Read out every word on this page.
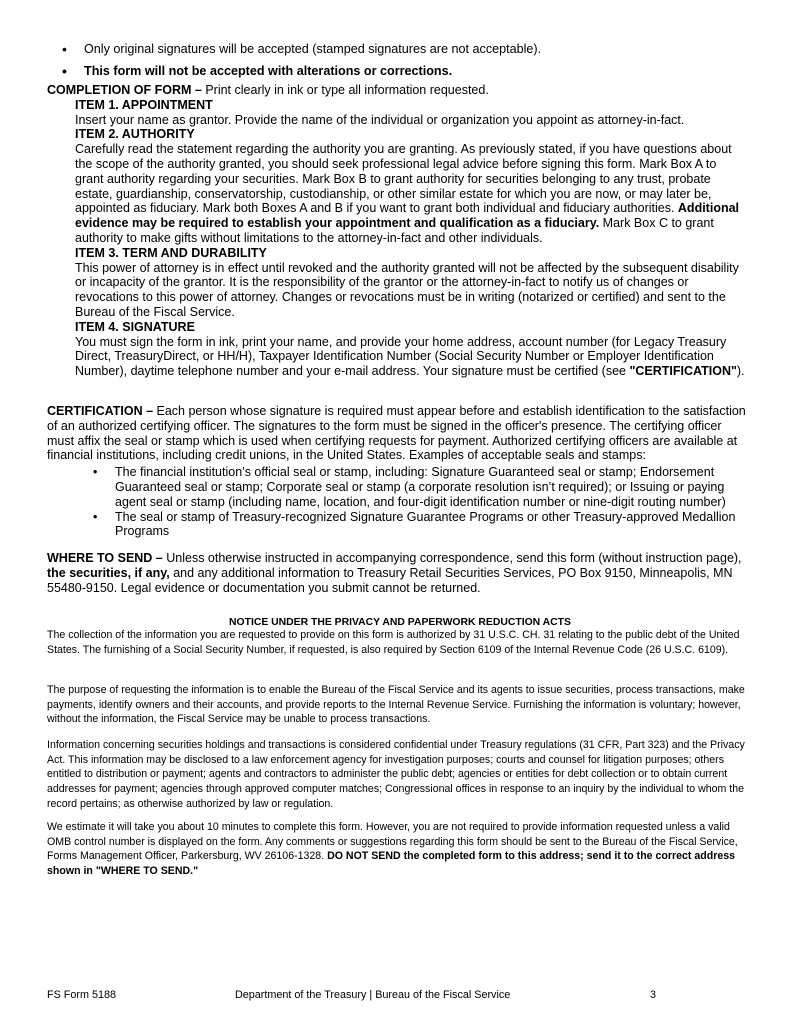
• Only original signatures will be accepted (stamped signatures are not acceptable).
• This form will not be accepted with alterations or corrections.
COMPLETION OF FORM – Print clearly in ink or type all information requested.
ITEM 1. APPOINTMENT
Insert your name as grantor. Provide the name of the individual or organization you appoint as attorney-in-fact.
ITEM 2. AUTHORITY
Carefully read the statement regarding the authority you are granting. As previously stated, if you have questions about the scope of the authority granted, you should seek professional legal advice before signing this form. Mark Box A to grant authority regarding your securities. Mark Box B to grant authority for securities belonging to any trust, probate estate, guardianship, conservatorship, custodianship, or other similar estate for which you are now, or may later be, appointed as fiduciary. Mark both Boxes A and B if you want to grant both individual and fiduciary authorities. Additional evidence may be required to establish your appointment and qualification as a fiduciary. Mark Box C to grant authority to make gifts without limitations to the attorney-in-fact and other individuals.
ITEM 3. TERM AND DURABILITY
This power of attorney is in effect until revoked and the authority granted will not be affected by the subsequent disability or incapacity of the grantor. It is the responsibility of the grantor or the attorney-in-fact to notify us of changes or revocations to this power of attorney. Changes or revocations must be in writing (notarized or certified) and sent to the Bureau of the Fiscal Service.
ITEM 4. SIGNATURE
You must sign the form in ink, print your name, and provide your home address, account number (for Legacy Treasury Direct, TreasuryDirect, or HH/H), Taxpayer Identification Number (Social Security Number or Employer Identification Number), daytime telephone number and your e-mail address. Your signature must be certified (see "CERTIFICATION").
CERTIFICATION – Each person whose signature is required must appear before and establish identification to the satisfaction of an authorized certifying officer. The signatures to the form must be signed in the officer's presence. The certifying officer must affix the seal or stamp which is used when certifying requests for payment. Authorized certifying officers are available at financial institutions, including credit unions, in the United States. Examples of acceptable seals and stamps:
• The financial institution’s official seal or stamp, including: Signature Guaranteed seal or stamp; Endorsement Guaranteed seal or stamp; Corporate seal or stamp (a corporate resolution isn’t required); or Issuing or paying agent seal or stamp (including name, location, and four-digit identification number or nine-digit routing number)
• The seal or stamp of Treasury-recognized Signature Guarantee Programs or other Treasury-approved Medallion Programs
WHERE TO SEND – Unless otherwise instructed in accompanying correspondence, send this form (without instruction page), the securities, if any, and any additional information to Treasury Retail Securities Services, PO Box 9150, Minneapolis, MN 55480-9150. Legal evidence or documentation you submit cannot be returned.
NOTICE UNDER THE PRIVACY AND PAPERWORK REDUCTION ACTS
The collection of the information you are requested to provide on this form is authorized by 31 U.S.C. CH. 31 relating to the public debt of the United States. The furnishing of a Social Security Number, if requested, is also required by Section 6109 of the Internal Revenue Code (26 U.S.C. 6109).
The purpose of requesting the information is to enable the Bureau of the Fiscal Service and its agents to issue securities, process transactions, make payments, identify owners and their accounts, and provide reports to the Internal Revenue Service. Furnishing the information is voluntary; however, without the information, the Fiscal Service may be unable to process transactions.
Information concerning securities holdings and transactions is considered confidential under Treasury regulations (31 CFR, Part 323) and the Privacy Act. This information may be disclosed to a law enforcement agency for investigation purposes; courts and counsel for litigation purposes; others entitled to distribution or payment; agents and contractors to administer the public debt; agencies or entities for debt collection or to obtain current addresses for payment; agencies through approved computer matches; Congressional offices in response to an inquiry by the individual to whom the record pertains; as otherwise authorized by law or regulation.
We estimate it will take you about 10 minutes to complete this form. However, you are not required to provide information requested unless a valid OMB control number is displayed on the form. Any comments or suggestions regarding this form should be sent to the Bureau of the Fiscal Service, Forms Management Officer, Parkersburg, WV 26106-1328. DO NOT SEND the completed form to this address; send it to the correct address shown in "WHERE TO SEND."
FS Form 5188	Department of the Treasury | Bureau of the Fiscal Service	3
